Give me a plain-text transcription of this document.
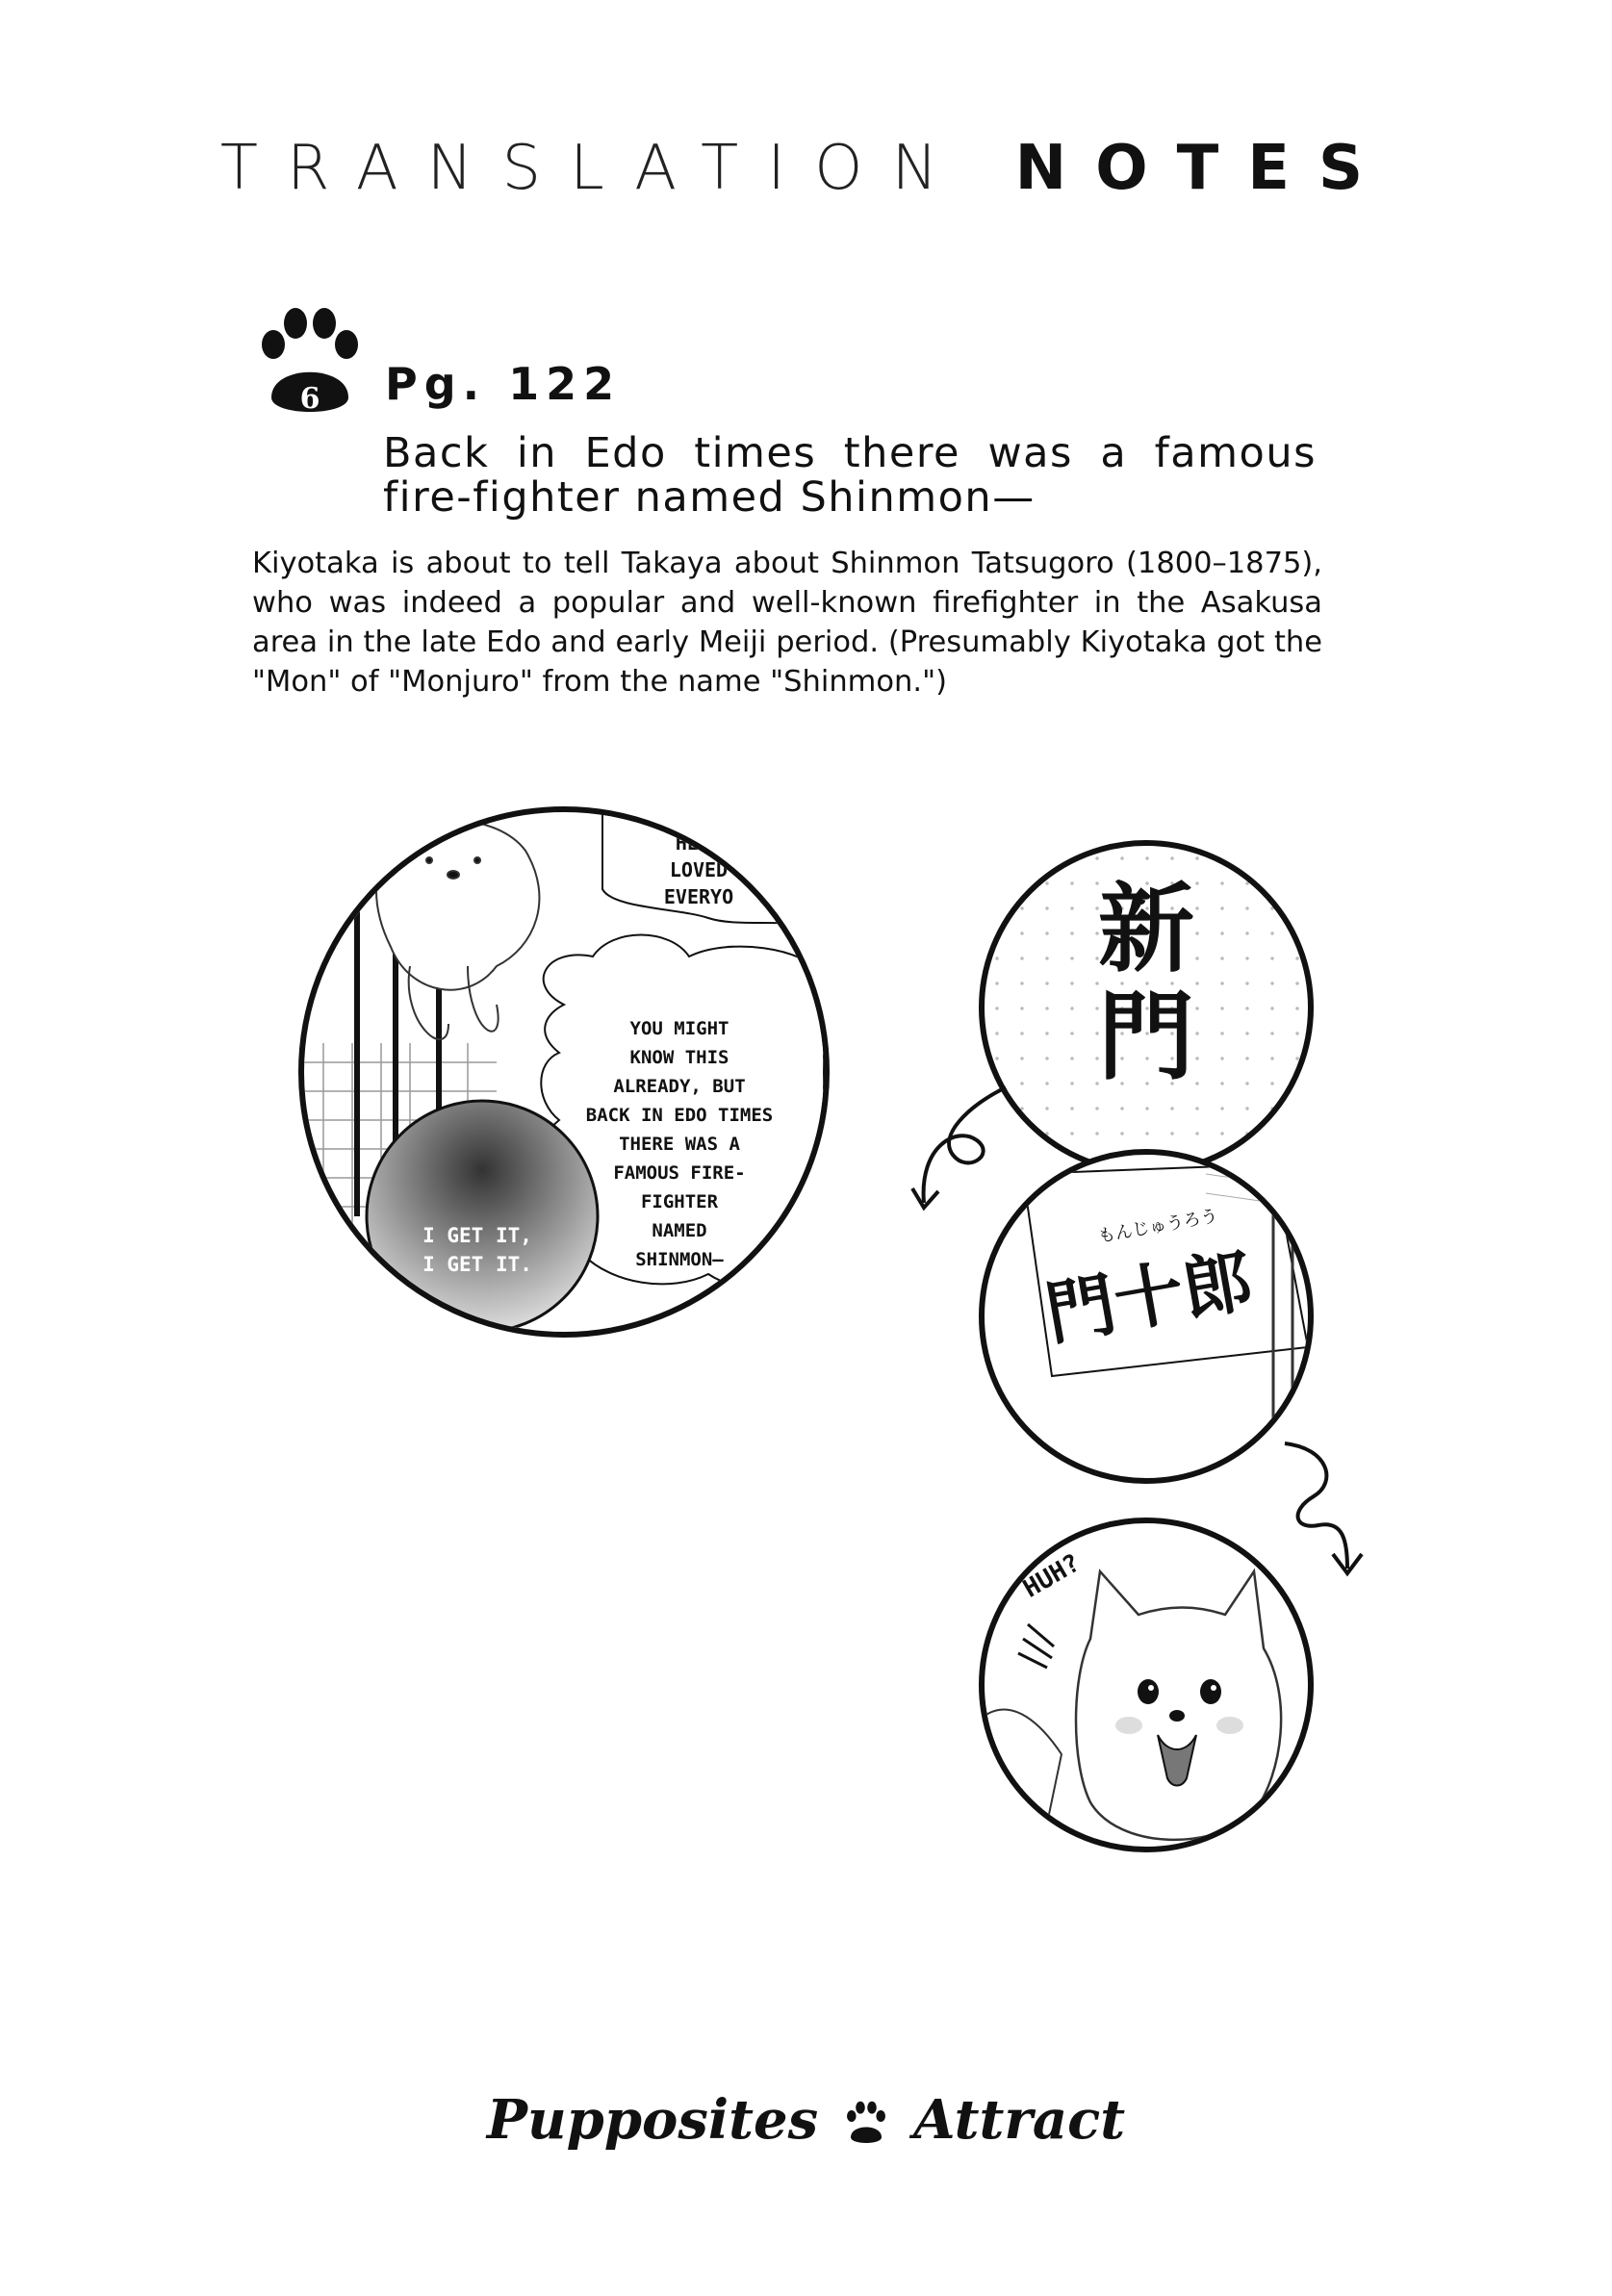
TRANSLATION NOTES
6 Pg. 122
Back in Edo times there was a famous fire-fighter named Shinmon—
Kiyotaka is about to tell Takaya about Shinmon Tatsugoro (1800–1875), who was indeed a popular and well-known firefighter in the Asakusa area in the late Edo and early Meiji period. (Presumably Kiyotaka got the "Mon" of "Monjuro" from the name "Shinmon.")
HEAD
LOVED
EVERYO
YOU MIGHT
KNOW THIS
ALREADY, BUT
BACK IN EDO TIMES
THERE WAS A
FAMOUS FIRE-
FIGHTER
NAMED
SHINMON—
I GET IT,
I GET IT.
新
門
門十郎
もんじゅうろう
HUH?
Pupposites Attract
